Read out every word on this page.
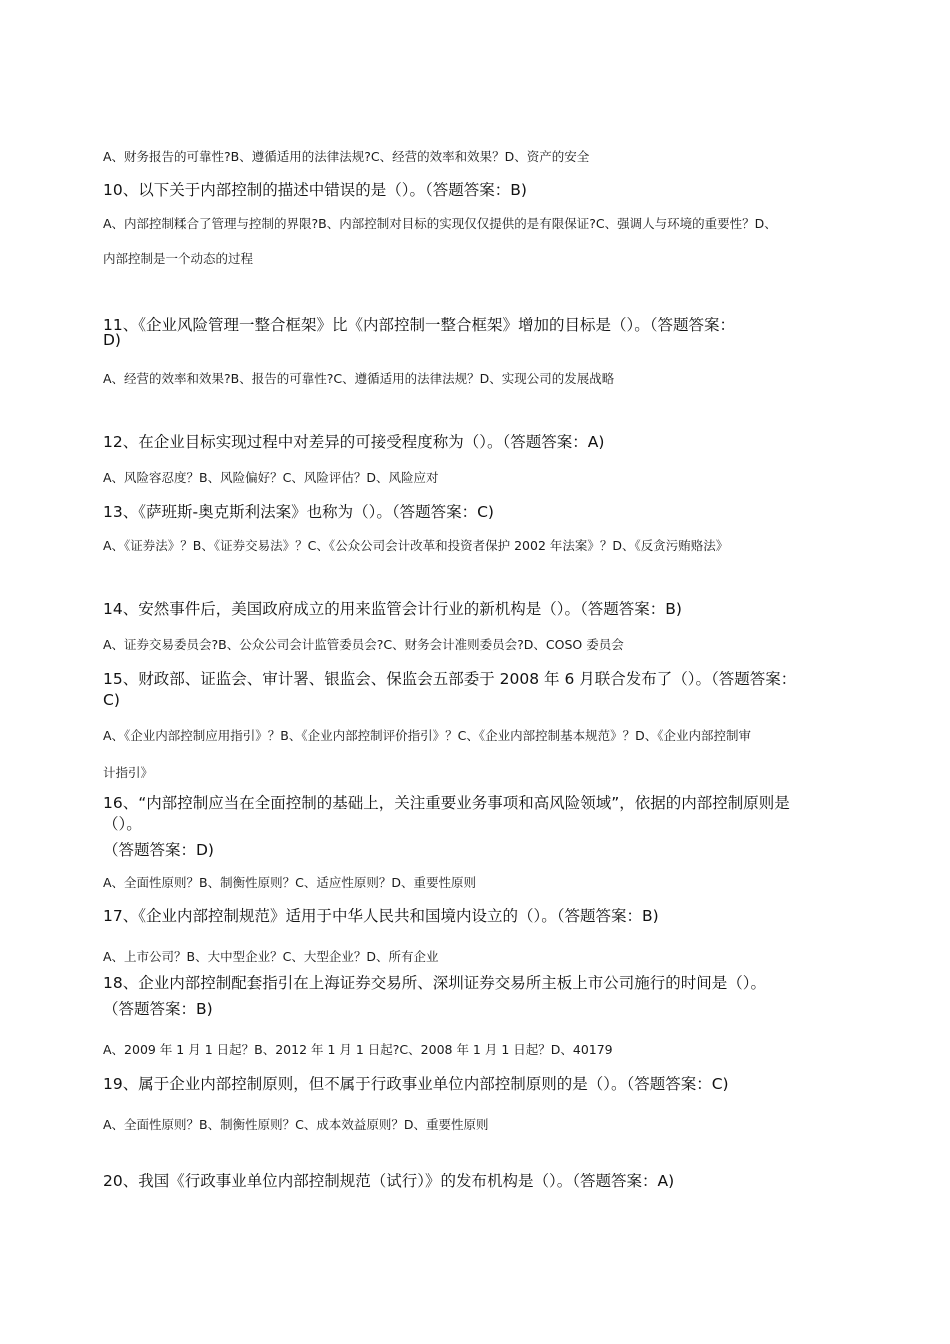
A、财务报告的可靠性?B、遵循适用的法律法规?C、经营的效率和效果？D、资产的安全
10、以下关于内部控制的描述中错误的是（）。（答题答案：B)
A、内部控制糅合了管理与控制的界限?B、内部控制对目标的实现仅仅提供的是有限保证?C、强调人与环境的重要性？D、
内部控制是一个动态的过程
11、《企业风险管理一整合框架》比《内部控制一整合框架》增加的目标是（）。（答题答案：
D)
A、经营的效率和效果?B、报告的可靠性?C、遵循适用的法律法规？D、实现公司的发展战略
12、在企业目标实现过程中对差异的可接受程度称为（）。（答题答案：A)
A、风险容忍度？B、风险偏好？C、风险评估？D、风险应对
13、《萨班斯-奥克斯利法案》也称为（）。（答题答案：C)
A、《证券法》？B、《证券交易法》？C、《公众公司会计改革和投资者保护 2002 年法案》？D、《反贪污贿赂法》
14、安然事件后，美国政府成立的用来监管会计行业的新机构是（）。（答题答案：B)
A、证券交易委员会?B、公众公司会计监管委员会?C、财务会计准则委员会?D、COSO 委员会
15、财政部、证监会、审计署、银监会、保监会五部委于 2008 年 6 月联合发布了（）。（答题答案：
C)
A、《企业内部控制应用指引》？B、《企业内部控制评价指引》？C、《企业内部控制基本规范》？D、《企业内部控制审
计指引》
16、“内部控制应当在全面控制的基础上，关注重要业务事项和高风险领域”，依据的内部控制原则是
（）。
（答题答案：D)
A、全面性原则？B、制衡性原则？C、适应性原则？D、重要性原则
17、《企业内部控制规范》适用于中华人民共和国境内设立的（）。（答题答案：B)
A、上市公司？B、大中型企业？C、大型企业？D、所有企业
18、企业内部控制配套指引在上海证券交易所、深圳证券交易所主板上市公司施行的时间是（）。
（答题答案：B)
A、2009 年 1 月 1 日起？B、2012 年 1 月 1 日起?C、2008 年 1 月 1 日起？D、40179
19、属于企业内部控制原则，但不属于行政事业单位内部控制原则的是（）。（答题答案：C)
A、全面性原则？B、制衡性原则？C、成本效益原则？D、重要性原则
20、我国《行政事业单位内部控制规范（试行）》的发布机构是（）。（答题答案：A)
